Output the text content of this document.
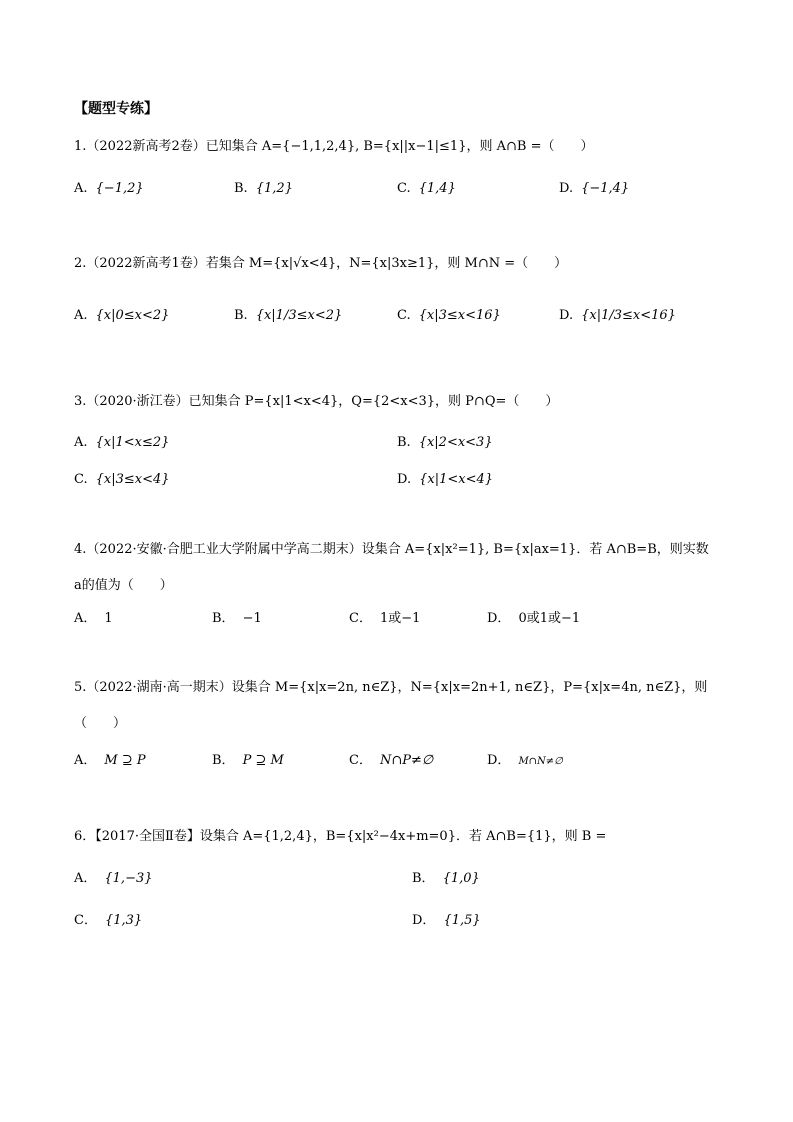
【题型专练】
1.（2022新高考2卷）已知集合 A={−1,1,2,4}, B={x||x−1|≤1}，则 A∩B =（　　）
A. {−1,2}	B. {1,2}	C. {1,4}	D. {−1,4}
2.（2022新高考1卷）若集合 M={x|√x<4}，N={x|3x≥1}，则 M∩N =（　　）
A. {x|0≤x<2}	B. {x|1/3≤x<2}	C. {x|3≤x<16}	D. {x|1/3≤x<16}
3.（2020·浙江卷）已知集合 P={x|1<x<4}，Q={2<x<3}，则 P∩Q=（　　）
A. {x|1<x≤2}	B. {x|2<x<3}
C. {x|3≤x<4}	D. {x|1<x<4}
4.（2022·安徽·合肥工业大学附属中学高二期末）设集合 A={x|x²=1}, B={x|ax=1}．若 A∩B=B，则实数
a的值为（　　）
A． 1	B． −1	C． 1或−1	D． 0或1或−1
5.（2022·湖南·高一期末）设集合 M={x|x=2n, n∈Z}，N={x|x=2n+1, n∈Z}，P={x|x=4n, n∈Z}，则
（　　）
A． M ⊇ P	B． P ⊇ M	C． N∩P≠∅	D． M∩N≠∅
6．【2017·全国Ⅱ卷】设集合 A={1,2,4}，B={x|x²−4x+m=0}．若 A∩B={1}，则 B =
A． {1,−3}	B． {1,0}
C． {1,3}	D． {1,5}
